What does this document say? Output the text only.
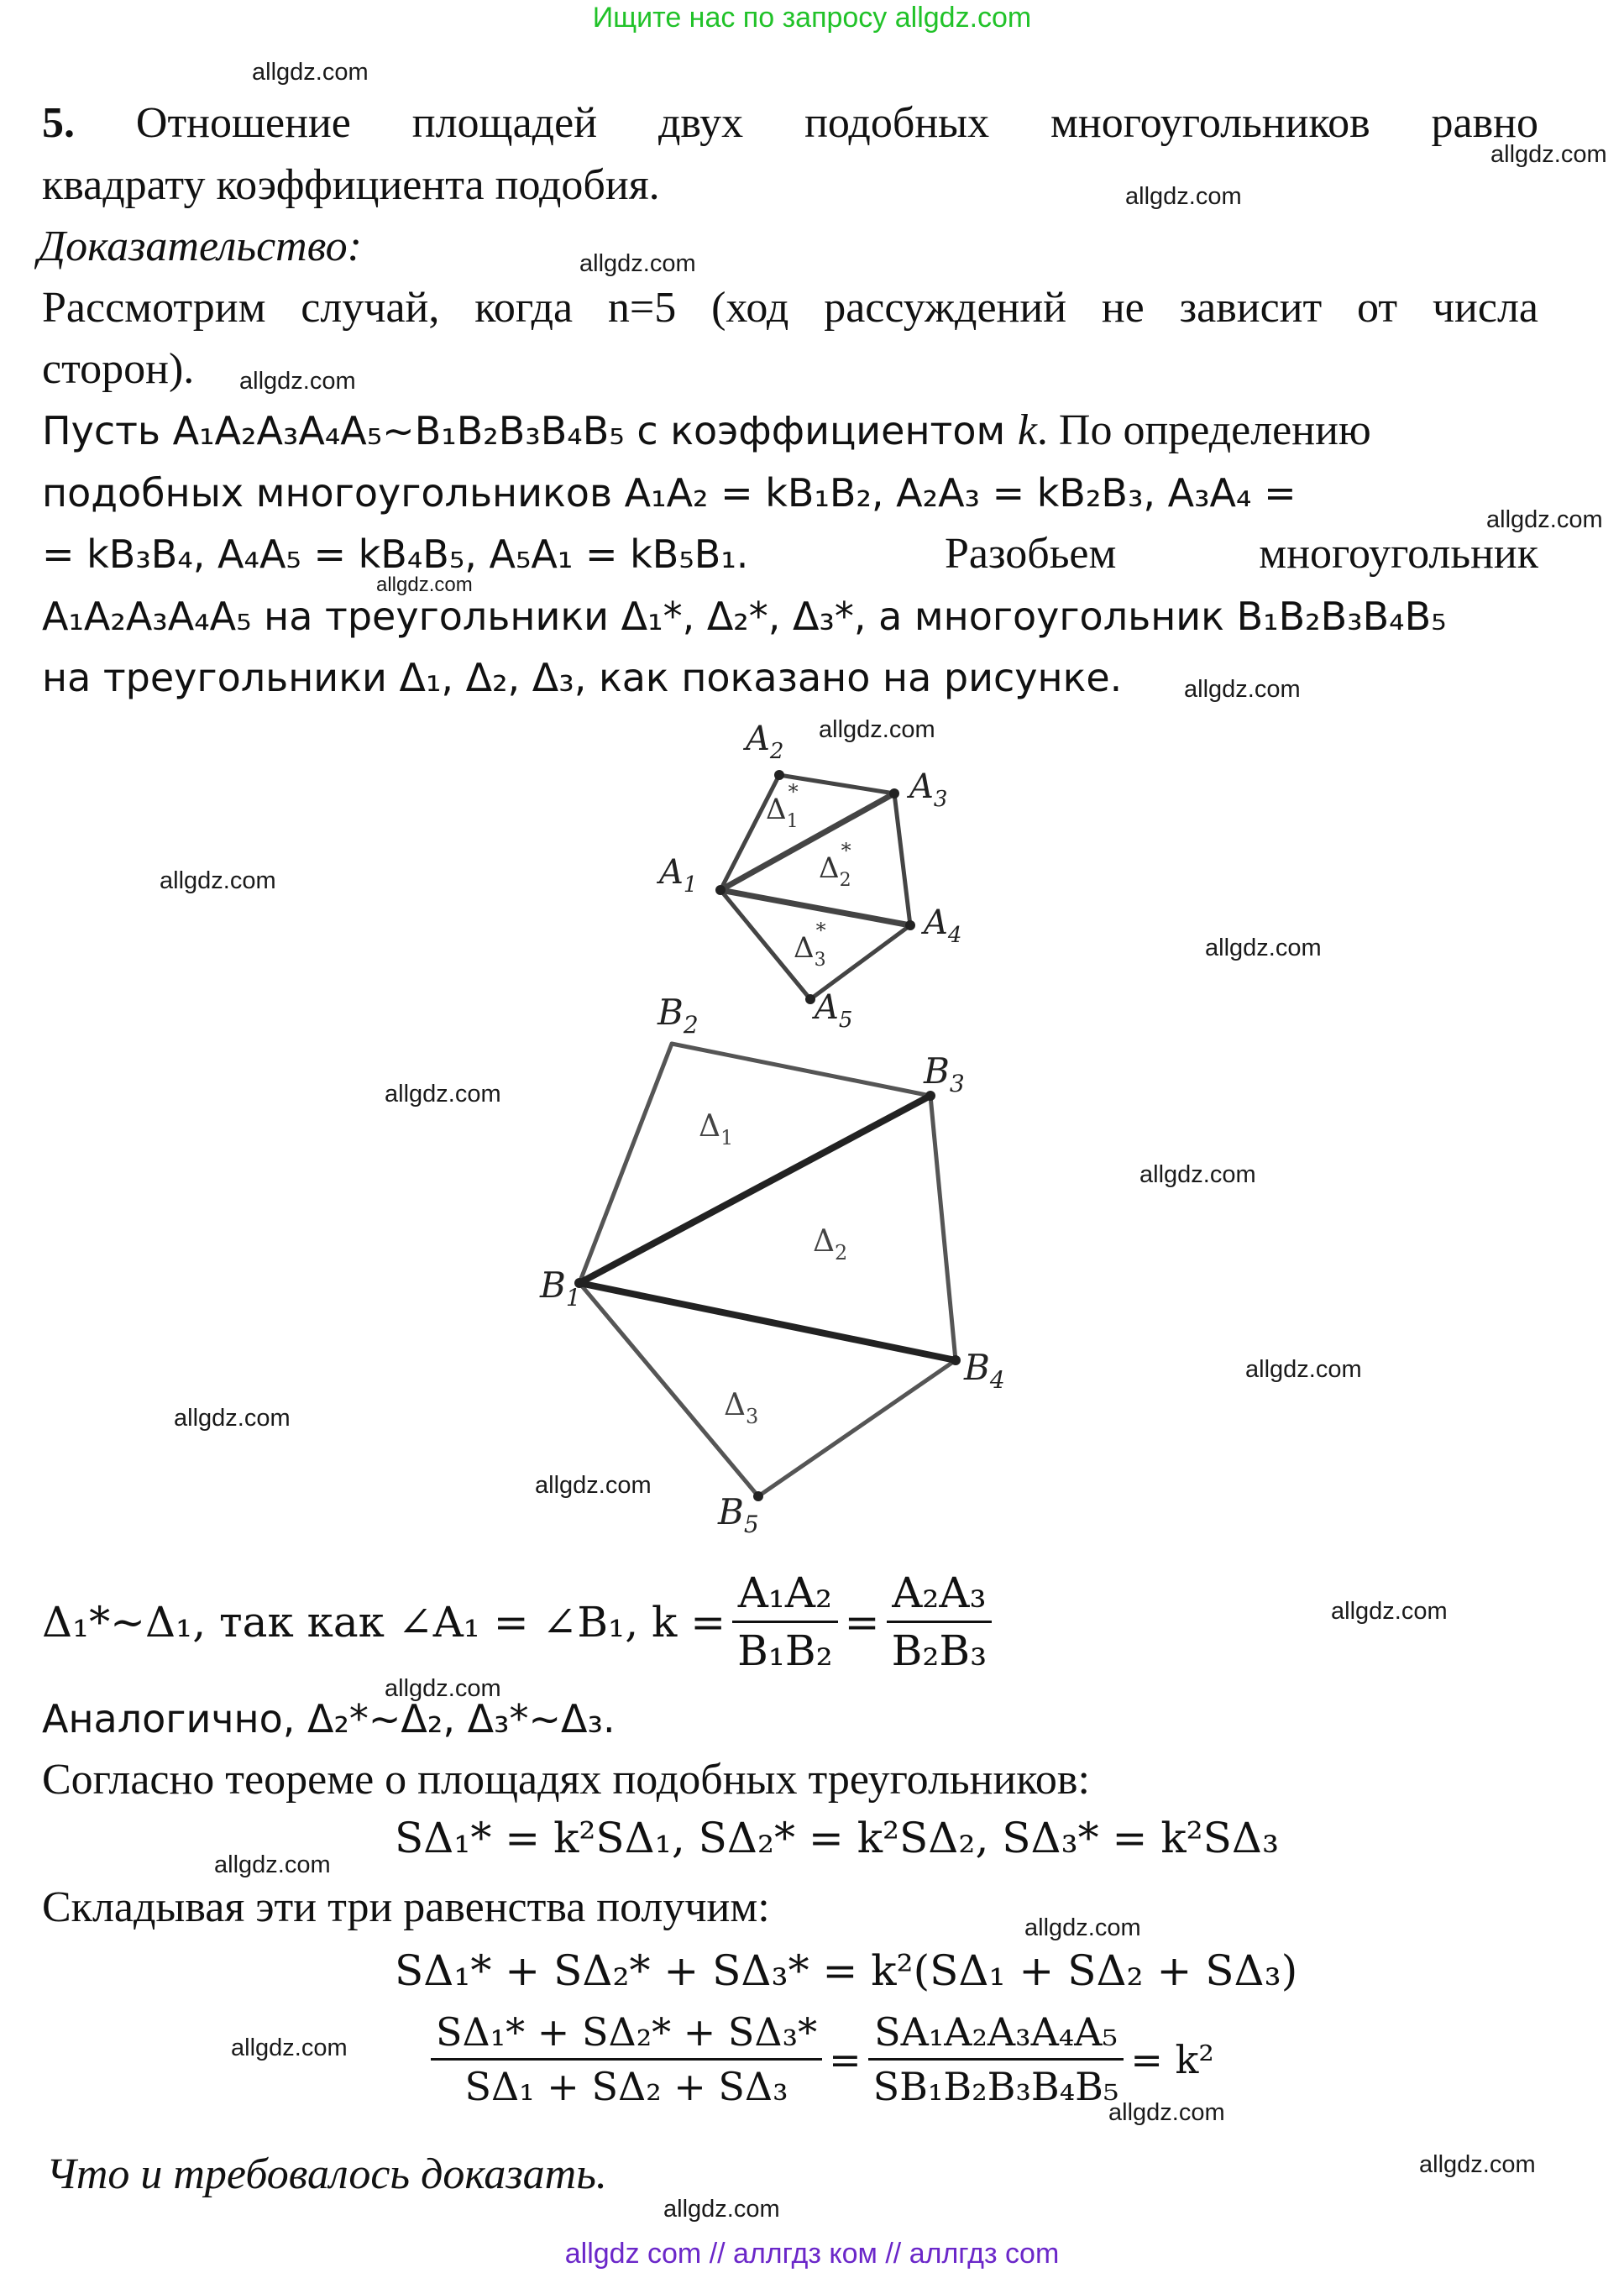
Ищите нас по запросу allgdz.com
allgdz com // аллгдз ком // аллгдз com
allgdz.com
allgdz.com
allgdz.com
allgdz.com
allgdz.com
allgdz.com
allgdz.com
allgdz.com
allgdz.com
allgdz.com
allgdz.com
allgdz.com
allgdz.com
allgdz.com
allgdz.com
allgdz.com
allgdz.com
allgdz.com
allgdz.com
allgdz.com
allgdz.com
allgdz.com
allgdz.com
allgdz.com
5. Отношение площадей двух подобных многоугольников равно
квадрату коэффициента подобия.
Доказательство:
Рассмотрим случай, когда n=5 (ход рассуждений не зависит от числа
сторон).
Пусть A₁A₂A₃A₄A₅~B₁B₂B₃B₄B₅ с коэффициентом k. По определению
подобных многоугольников A₁A₂ = kB₁B₂, A₂A₃ = kB₂B₃, A₃A₄ =
= kB₃B₄, A₄A₅ = kB₄B₅, A₅A₁ = kB₅B₁.	Разобьем	многоугольник
A₁A₂A₃A₄A₅ на треугольники Δ₁*, Δ₂*, Δ₃*, а многоугольник B₁B₂B₃B₄B₅
на треугольники Δ₁, Δ₂, Δ₃, как показано на рисунке.
$A_2$
$A_3$
$A_1$
$A_4$
$A_5$
$\Delta_1*$
$\Delta_2*$
$\Delta_3*$
$B_2$
$B_3$
$B_1$
$B_4$
$B_5$
$\Delta_1$
$\Delta_2$
$\Delta_3$
Δ₁*~Δ₁, так как ∠A₁ = ∠B₁, $k = \frac{\text{A₁A₂}}{\text{B₁B₂}} = \frac{\text{A₂A₃}}{\text{B₂B₃}}$
Аналогично, Δ₂*~Δ₂, Δ₃*~Δ₃.
Согласно теореме о площадях подобных треугольников:
SΔ₁* = k²SΔ₁, SΔ₂* = k²SΔ₂, SΔ₃* = k²SΔ₃
Складывая эти три равенства получим:
SΔ₁* + SΔ₂* + SΔ₃* = k²(SΔ₁ + SΔ₂ + SΔ₃)
$\frac{\text{SΔ₁* + SΔ₂* + SΔ₃*}}{\text{SΔ₁ + SΔ₂ + SΔ₃}} = \frac{\text{SA₁A₂A₃A₄A₅}}{\text{SB₁B₂B₃B₄B₅}} = k^2$
Что и требовалось доказать.
